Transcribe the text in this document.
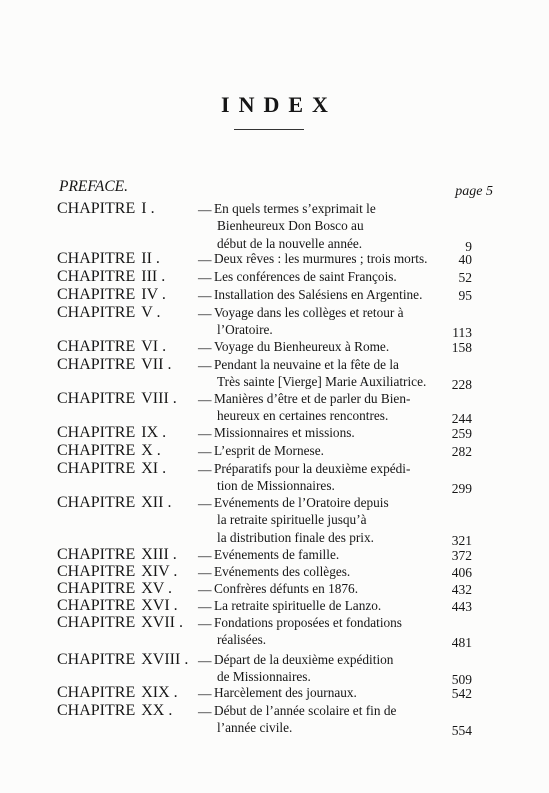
INDEX
PREFACE.	page 5
CHAPITRE I .	— En quels termes s’exprimait le
Bienheureux Don Bosco au
début de la nouvelle année.	9
CHAPITRE II .	— Deux rêves : les murmures ; trois morts.	40
CHAPITRE III . — Les conférences de saint François.	52
CHAPITRE IV . — Installation des Salésiens en Argentine.	95
CHAPITRE V .	— Voyage dans les collèges et retour à
l’Oratoire.	113
CHAPITRE VI . — Voyage du Bienheureux à Rome.	158
CHAPITRE VII . — Pendant la neuvaine et la fête de la
Très sainte [Vierge] Marie Auxiliatrice.	228
CHAPITRE VIII . — Manières d’être et de parler du Bien-
heureux en certaines rencontres.	244
CHAPITRE IX . — Missionnaires et missions.	259
CHAPITRE X .	— L’esprit de Mornese.	282
CHAPITRE XI . — Préparatifs pour la deuxième expédi-
tion de Missionnaires.	299
CHAPITRE XII . — Evénements de l’Oratoire depuis
la retraite spirituelle jusqu’à
la distribution finale des prix.	321
CHAPITRE XIII . — Evénements de famille.	372
CHAPITRE XIV . — Evénements des collèges.	406
CHAPITRE XV . — Confrères défunts en 1876.	432
CHAPITRE XVI . — La retraite spirituelle de Lanzo.	443
CHAPITRE XVII . — Fondations proposées et fondations
réalisées.	481
CHAPITRE XVIII . — Départ de la deuxième expédition
de Missionnaires.	509
CHAPITRE XIX . — Harcèlement des journaux.	542
CHAPITRE XX . — Début de l’année scolaire et fin de
l’année civile.	554
